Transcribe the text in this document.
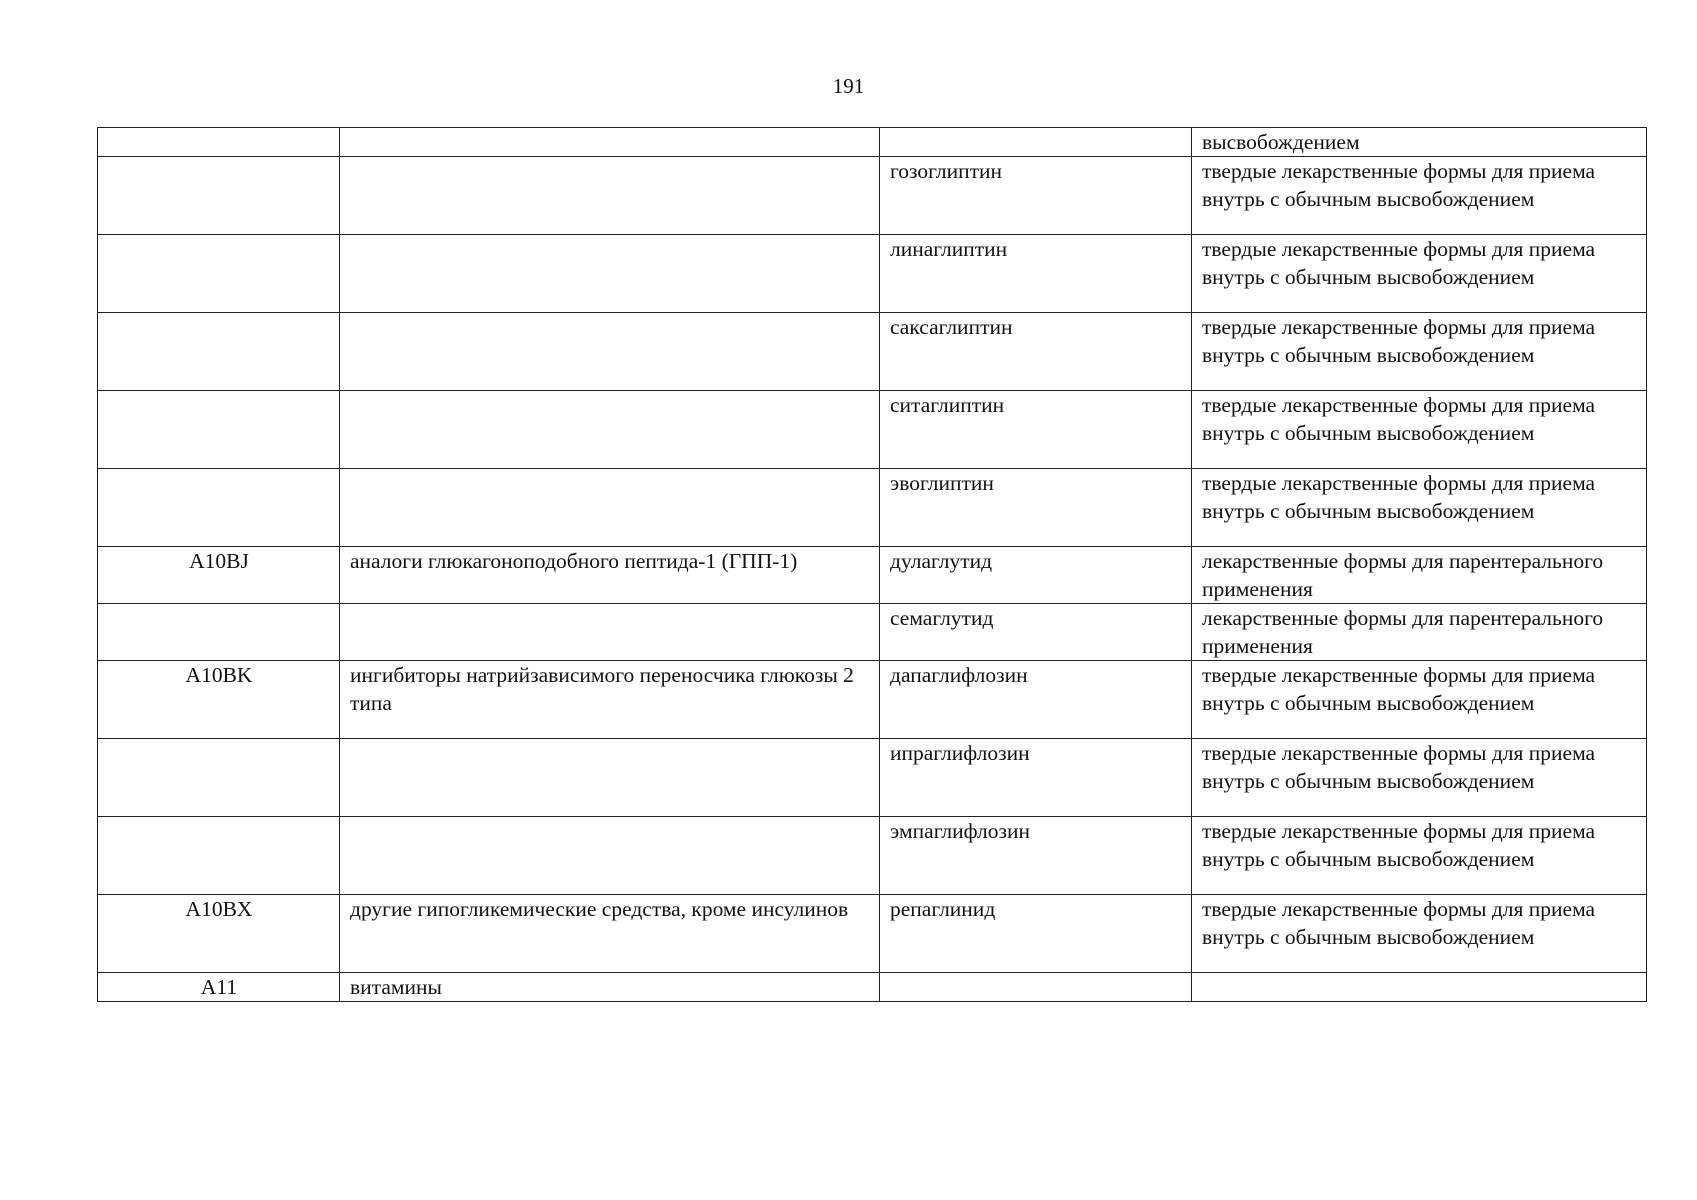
191
			высвобождением
		гозоглиптин	твердые лекарственные формы для приема внутрь с обычным высвобождением
		линаглиптин	твердые лекарственные формы для приема внутрь с обычным высвобождением
		саксаглиптин	твердые лекарственные формы для приема внутрь с обычным высвобождением
		ситаглиптин	твердые лекарственные формы для приема внутрь с обычным высвобождением
		эвоглиптин	твердые лекарственные формы для приема внутрь с обычным высвобождением
A10BJ	аналоги глюкагоноподобного пептида-1 (ГПП-1)	дулаглутид	лекарственные формы для парентерального применения
		семаглутид	лекарственные формы для парентерального применения
A10BK	ингибиторы натрийзависимого переносчика глюкозы 2 типа	дапаглифлозин	твердые лекарственные формы для приема внутрь с обычным высвобождением
		ипраглифлозин	твердые лекарственные формы для приема внутрь с обычным высвобождением
		эмпаглифлозин	твердые лекарственные формы для приема внутрь с обычным высвобождением
A10BX	другие гипогликемические средства, кроме инсулинов	репаглинид	твердые лекарственные формы для приема внутрь с обычным высвобождением
A11	витамины		
